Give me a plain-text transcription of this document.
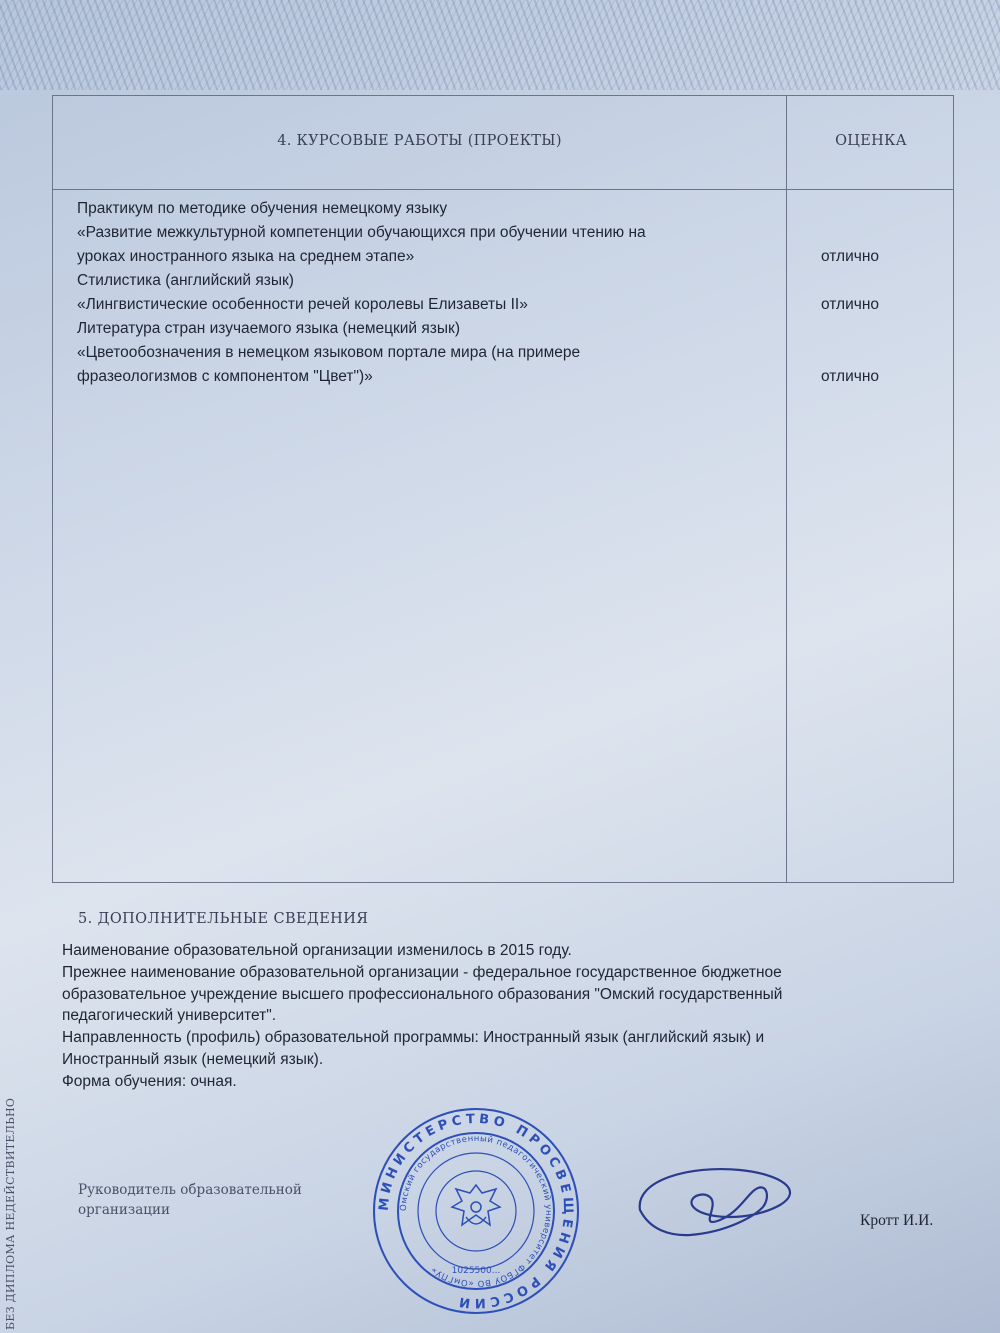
4. КУРСОВЫЕ РАБОТЫ (ПРОЕКТЫ)	ОЦЕНКА
Практикум по методике обучения немецкому языку
«Развитие межкультурной компетенции обучающихся при обучении чтению на
уроках иностранного языка на среднем этапе»	отлично
Стилистика (английский язык)
«Лингвистические особенности речей королевы Елизаветы II»	отлично
Литература стран изучаемого языка (немецкий язык)
«Цветообозначения в немецком языковом портале мира (на примере
фразеологизмов с компонентом "Цвет")»	отлично
5. ДОПОЛНИТЕЛЬНЫЕ СВЕДЕНИЯ
Наименование образовательной организации изменилось в 2015 году.
Прежнее наименование образовательной организации - федеральное государственное бюджетное
образовательное учреждение высшего профессионального образования "Омский государственный
педагогический университет".
Направленность (профиль) образовательной программы: Иностранный язык (английский язык) и
Иностранный язык (немецкий язык).
Форма обучения: очная.
БЕЗ ДИПЛОМА НЕДЕЙСТВИТЕЛЬНО	Руководитель образовательной
организации	МИНИСТЕРСТВО ПРОСВЕЩЕНИЯ РОССИИ
Омский государственный педагогический университет ФГБОУ ВО «ОмГПУ»	1025500...
Кротт И.И.
